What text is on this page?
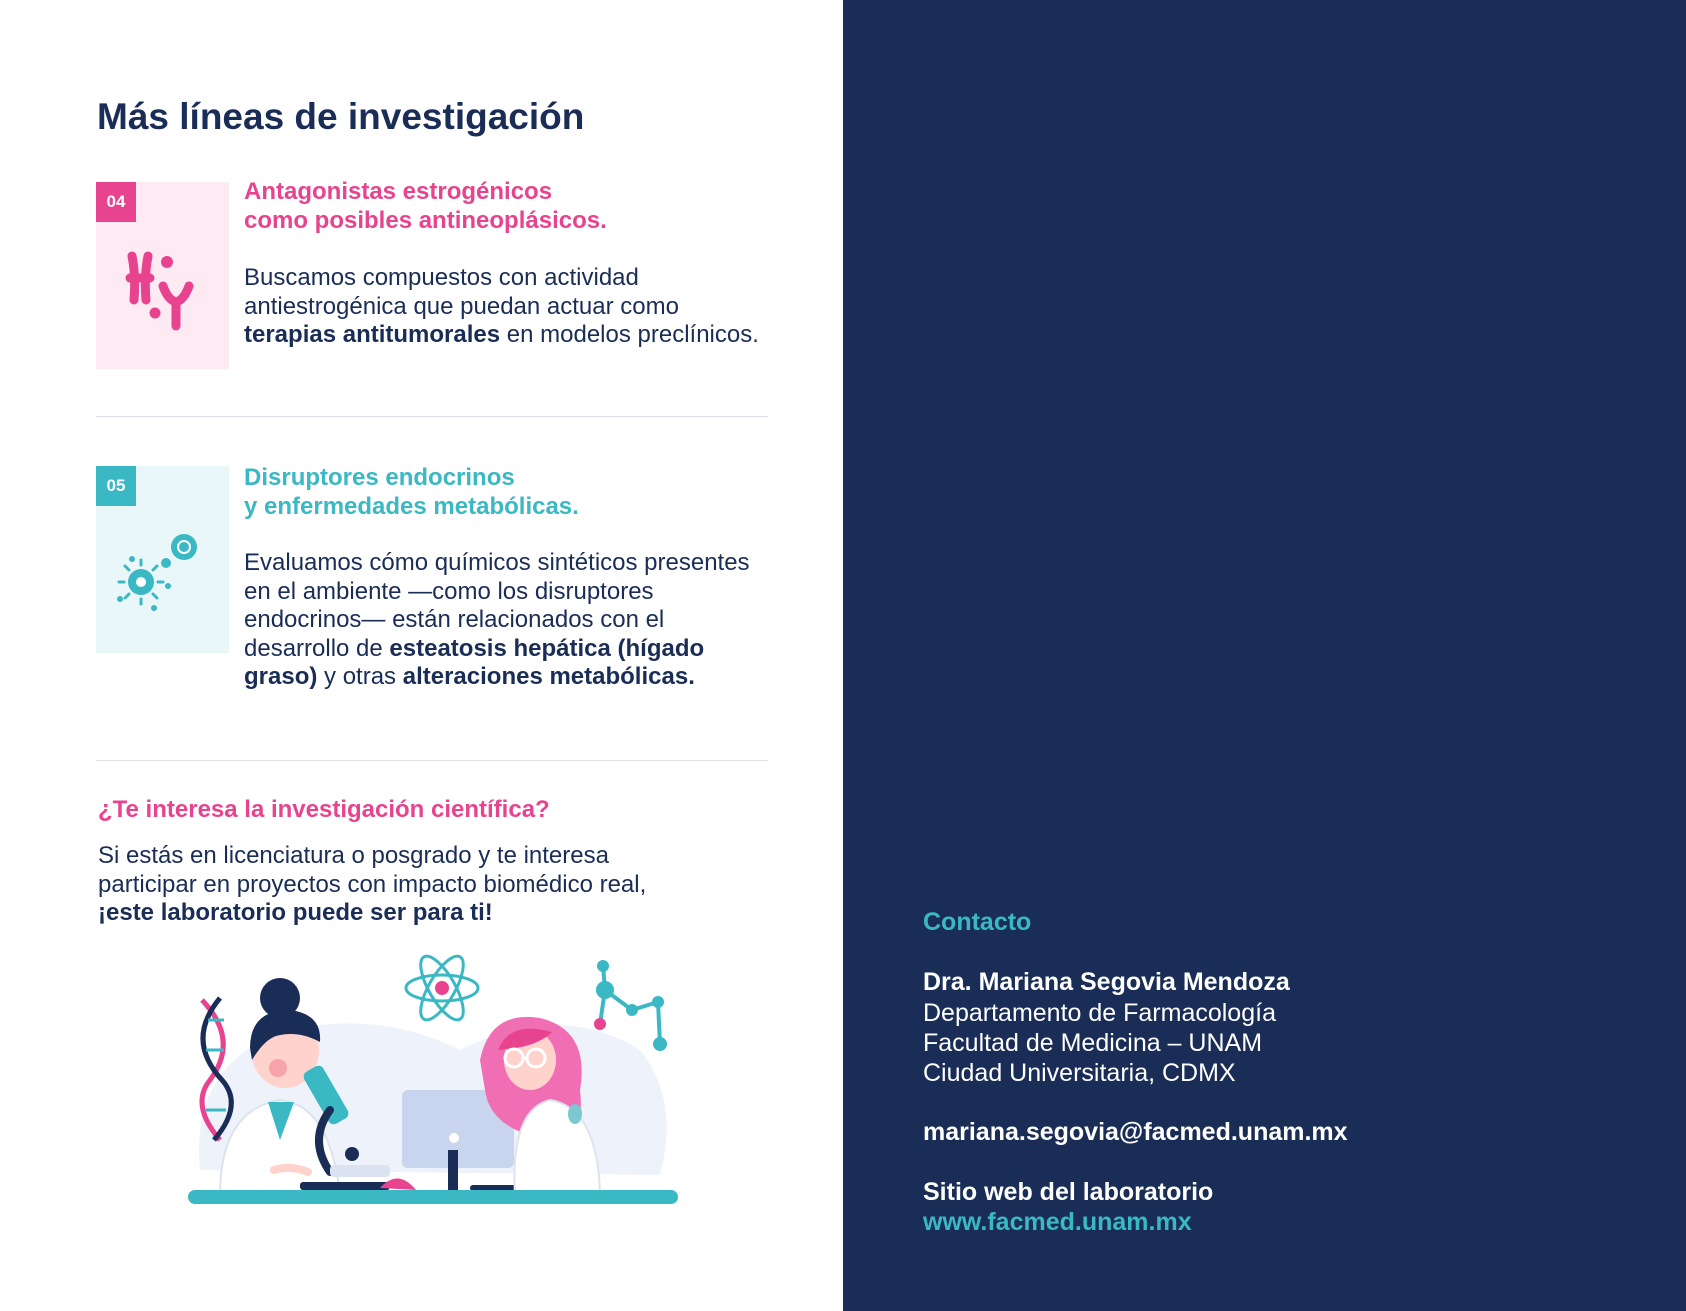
Más líneas de investigación
04	Antagonistas estrogénicos
como posibles antineoplásicos.

Buscamos compuestos con actividad antiestrogénica que puedan actuar como terapias antitumorales en modelos preclínicos.

05	Disruptores endocrinos
y enfermedades metabólicas.

Evaluamos cómo químicos sintéticos presentes en el ambiente —como los disruptores endocrinos— están relacionados con el desarrollo de esteatosis hepática (hígado graso) y otras alteraciones metabólicas.

¿Te interesa la investigación científica?

Si estás en licenciatura o posgrado y te interesa
participar en proyectos con impacto biomédico real,
¡este laboratorio puede ser para ti!	Contacto

Dra. Mariana Segovia Mendoza

Departamento de Farmacología

Facultad de Medicina – UNAM

Ciudad Universitaria, CDMX

mariana.segovia@facmed.unam.mx

Sitio web del laboratorio

www.facmed.unam.mx
